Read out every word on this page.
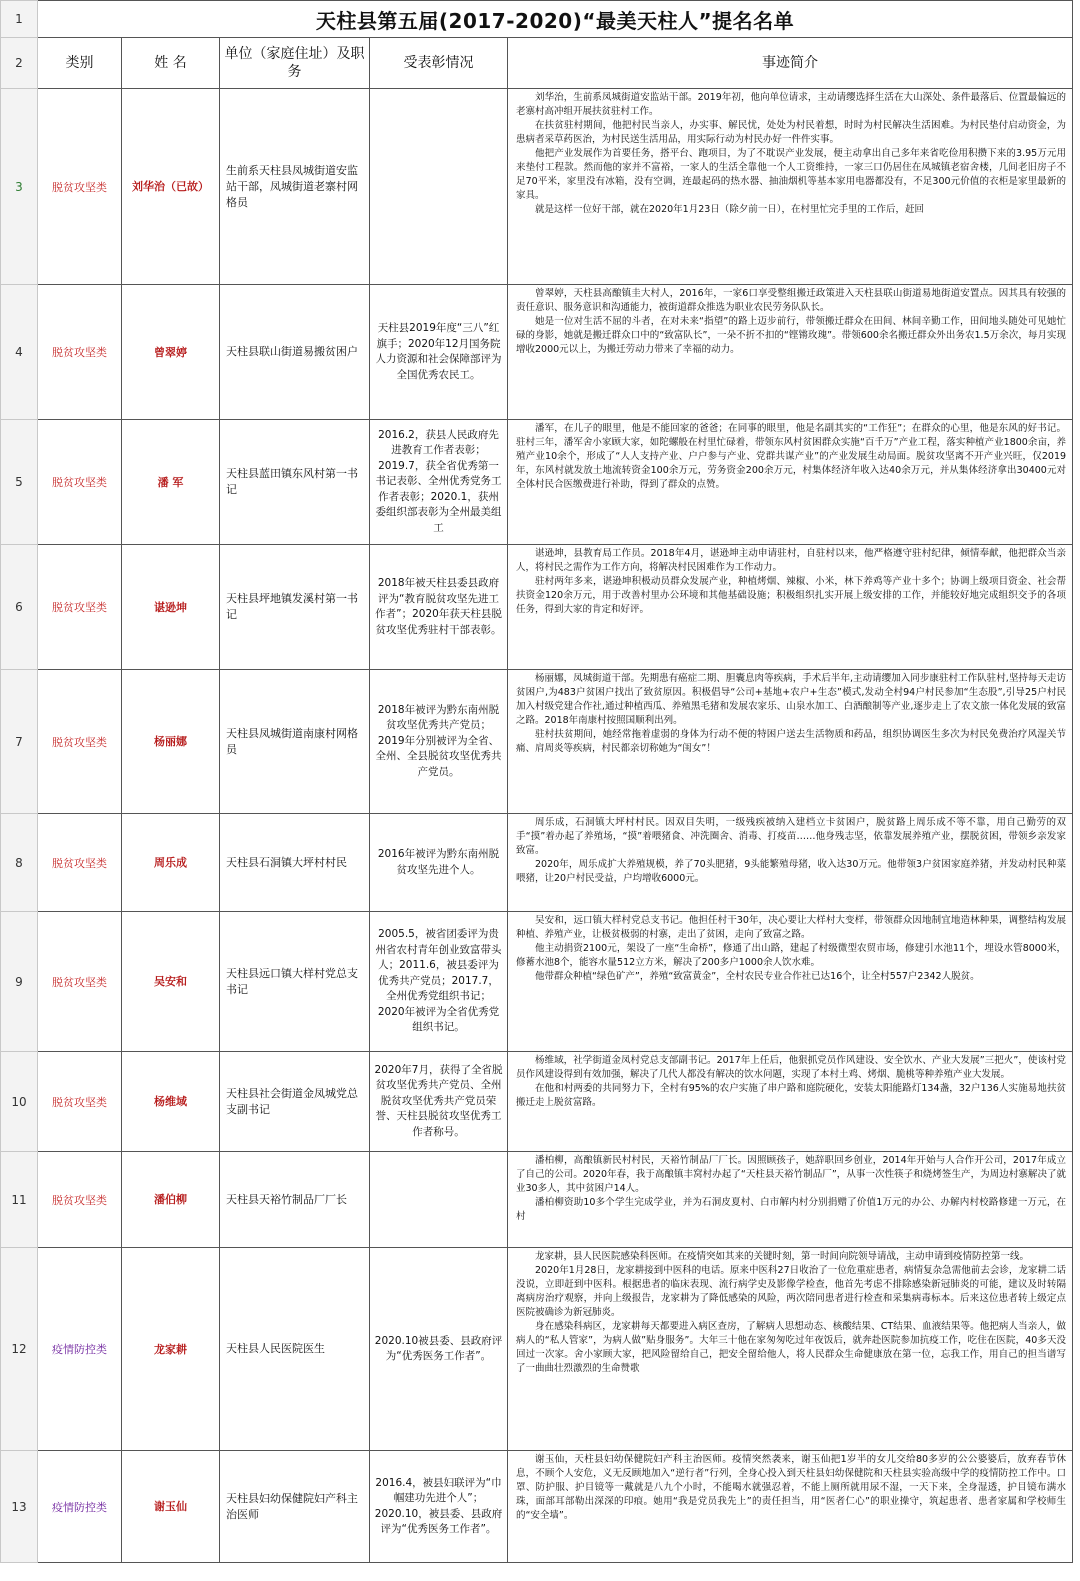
1	天柱县第五届(2017-2020)“最美天柱人”提名名单				
2	类别	姓 名	单位（家庭住址）及职务	受表彰情况	事迹简介
3	脱贫攻坚类	刘华治（已故）	生前系天柱县凤城街道安监站干部，凤城街道老寨村网格员		刘华治，生前系凤城街道安监站干部。2019年初，他向单位请求，主动请缨选择生活在大山深处、条件最落后、位置最偏远的老寨村高冲组开展扶贫驻村工作。

在扶贫驻村期间，他把村民当亲人，办实事、解民忧，处处为村民着想，时时为村民解决生活困难。为村民垫付启动资金，为患病者采草药医治，为村民送生活用品，用实际行动为村民办好一件件实事。

他把产业发展作为首要任务，搭平台、跑项目，为了不耽误产业发展，便主动拿出自己多年来省吃俭用积攒下来的3.95万元用来垫付工程款。然而他的家并不富裕，一家人的生活全靠他一个人工资维持，一家三口仍居住在凤城镇老宿舍楼，几间老旧房子不足70平米，家里没有冰箱，没有空调，连最起码的热水器、抽油烟机等基本家用电器都没有，不足300元价值的衣柜是家里最新的家具。

就是这样一位好干部，就在2020年1月23日（除夕前一日），在村里忙完手里的工作后，赶回

4	脱贫攻坚类	曾翠婷	天柱县联山街道易搬贫困户	天柱县2019年度“三八”红旗手；2020年12月国务院人力资源和社会保障部评为全国优秀农民工。	曾翠婷，天柱县高酿镇圭大村人，2016年，一家6口享受整组搬迁政策进入天柱县联山街道易地街道安置点。因其具有较强的责任意识、服务意识和沟通能力，被街道群众推选为职业农民劳务队队长。

她是一位对生活不屈的斗者，在对未来“指望”的路上迈步前行，带领搬迁群众在田间、林间辛勤工作，田间地头随处可见她忙碌的身影，她就是搬迁群众口中的“致富队长”，一朵不折不扣的“铿锵玫瑰”。带领600余名搬迁群众外出务农1.5万余次，每月实现增收2000元以上，为搬迁劳动力带来了幸福的动力。

5	脱贫攻坚类	潘 军	天柱县蓝田镇东风村第一书记	2016.2，获县人民政府先进教育工作者表彰；2019.7，获全省优秀第一书记表彰、全州优秀党务工作者表彰；2020.1，获州委组织部表彰为全州最美组工	潘军，在儿子的眼里，他是不能回家的爸爸；在同事的眼里，他是名副其实的“工作狂”；在群众的心里，他是东风的好书记。驻村三年，潘军舍小家顾大家，如陀螺般在村里忙碌着，带领东风村贫困群众实施“百千万”产业工程，落实种植产业1800余亩，养殖产业10余个，形成了“人人支持产业、户户参与产业、党群共谋产业”的产业发展生动局面。脱贫攻坚离不开产业兴旺，仅2019年，东风村就发放土地流转资金100余万元，劳务资金200余万元，村集体经济年收入达40余万元，并从集体经济拿出30400元对全体村民合医缴费进行补助，得到了群众的点赞。

6	脱贫攻坚类	谌逊坤	天柱县坪地镇发溪村第一书记	2018年被天柱县委县政府评为“教育脱贫攻坚先进工作者”；2020年获天柱县脱贫攻坚优秀驻村干部表彰。	谌逊坤，县教育局工作员。2018年4月，谌逊坤主动申请驻村，自驻村以来，他严格遵守驻村纪律，倾情奉献，他把群众当亲人，将村民之需作为工作方向，将解决村民困难作为工作动力。

驻村两年多来，谌逊坤积极动员群众发展产业，种植烤烟、辣椒、小米，林下养鸡等产业十多个；协调上级项目资金、社会帮扶资金120余万元，用于改善村里办公环境和其他基础设施；积极组织扎实开展上级安排的工作，并能较好地完成组织交予的各项任务，得到大家的肯定和好评。

7	脱贫攻坚类	杨丽娜	天柱县凤城街道南康村网格员	2018年被评为黔东南州脱贫攻坚优秀共产党员；2019年分别被评为全省、全州、全县脱贫攻坚优秀共产党员。	杨丽娜，凤城街道干部。先期患有癌症二期、胆囊息肉等疾病，手术后半年,主动请缨加入同步康驻村工作队驻村,坚持每天走访贫困户,为483户贫困户找出了致贫原因。积极倡导“公司+基地+农户+生态”模式,发动全村94户村民参加“生态股”,引导25户村民加入村级党建合作社,通过种植西瓜、养殖黑毛猪和发展农家乐、山泉水加工、白酒酿制等产业,逐步走上了农文旅一体化发展的致富之路。2018年南康村按照国顺利出列。

驻村扶贫期间，她经常拖着虚弱的身体为行动不便的特困户送去生活物质和药品，组织协调医生多次为村民免费治疗风湿关节痛、肩周炎等疾病，村民都亲切称她为“闺女”！

8	脱贫攻坚类	周乐成	天柱县石洞镇大坪村村民	2016年被评为黔东南州脱贫攻坚先进个人。	周乐成，石洞镇大坪村村民。因双目失明，一级残疾被纳入建档立卡贫困户，脱贫路上周乐成不等不靠，用自己勤劳的双手“摸”着办起了养殖场，“摸”着喂猪食、冲洗圈舍、消毒、打疫苗……他身残志坚，依靠发展养殖产业，摆脱贫困，带领乡亲发家致富。

2020年，周乐成扩大养殖规模，养了70头肥猪，9头能繁殖母猪，收入达30万元。他带领3户贫困家庭养猪，并发动村民种菜喂猪，让20户村民受益，户均增收6000元。

9	脱贫攻坚类	吴安和	天柱县远口镇大样村党总支书记	2005.5，被省团委评为贵州省农村青年创业致富带头人；2011.6，被县委评为优秀共产党员；2017.7，全州优秀党组织书记；2020年被评为全省优秀党组织书记。	吴安和，远口镇大样村党总支书记。他担任村干30年，决心要让大样村大变样，带领群众因地制宜地造林种果，调整结构发展种植、养殖产业，让极贫极弱的村寨，走出了贫困，走向了致富之路。

他主动捐资2100元，架设了一座“生命桥”，修通了出山路，建起了村级微型农贸市场，修建引水池11个，埋设水管8000米，修蓄水池8个，能容水量512立方米，解决了200多户1000余人饮水难。

他带群众种植“绿色矿产”，养殖“致富黄金”，全村农民专业合作社已达16个，让全村557户2342人脱贫。

10	脱贫攻坚类	杨维域	天柱县社会街道金凤城党总支副书记	2020年7月，获得了全省脱贫攻坚优秀共产党员、全州脱贫攻坚优秀共产党员荣誉、天柱县脱贫攻坚优秀工作者称号。	杨维域，社学街道金凤村党总支部副书记。2017年上任后，他狠抓党员作风建设、安全饮水、产业大发展”三把火”，使该村党员作风建设得到有效加强，解决了几代人都没有解决的饮水问题，实现了本村土鸡、烤烟、脆桃等种养殖产业大发展。

在他和村两委的共同努力下，全村有95%的农户实施了串户路和庭院硬化，安装太阳能路灯134盏，32户136人实施易地扶贫搬迁走上脱贫富路。

11	脱贫攻坚类	潘伯柳	天柱县天裕竹制品厂厂长		潘柏柳，高酿镇新民村村民，天裕竹制品厂厂长。因照顾孩子，她辞职回乡创业，2014年开始与人合作开公司，2017年成立了自己的公司。2020年春，我于高酿镇丰窝村办起了“天柱县天裕竹制品厂”，从事一次性筷子和烧烤签生产，为周边村寨解决了就业30多人，其中贫困户14人。

潘柏柳资助10多个学生完成学业，并为石洞皮夏村、白市解内村分别捐赠了价值1万元的办公、办解内村校路修建一万元，在村

12	疫情防控类	龙家耕	天柱县人民医院医生	2020.10被县委、县政府评为“优秀医务工作者”。	龙家耕，县人民医院感染科医师。在疫情突如其来的关键时刻，第一时间向院领导请战，主动申请到疫情防控第一线。

2020年1月28日，龙家耕接到中医科的电话。原来中医科27日收治了一位危重症患者，病情复杂急需他前去会诊，龙家耕二话没说，立即赶到中医科。根据患者的临床表现、流行病学史及影像学检查，他首先考虑不排除感染新冠肺炎的可能，建议及时转隔离病房治疗观察，并向上级报告，龙家耕为了降低感染的风险，两次陪同患者进行检查和采集病毒标本。后来这位患者转上级定点医院被确诊为新冠肺炎。

身在感染科病区，龙家耕每天都要进入病区查房，了解病人思想动态、核酸结果、CT结果、血液结果等。他把病人当亲人，做病人的“私人管家”，为病人做”贴身服务”。大年三十他在家匆匆吃过年夜饭后，就奔赴医院参加抗疫工作，吃住在医院，40多天没回过一次家。舍小家顾大家，把风险留给自己，把安全留给他人，将人民群众生命健康放在第一位，忘我工作，用自己的担当谱写了一曲曲壮烈激烈的生命赞歌

13	疫情防控类	谢玉仙	天柱县妇幼保健院妇产科主治医师	2016.4，被县妇联评为“巾帼建功先进个人”；2020.10，被县委、县政府评为“优秀医务工作者”。	谢玉仙，天柱县妇幼保健院妇产科主治医师。疫情突然袭来，谢玉仙把1岁半的女儿交给80多岁的公公婆婆后，放弃春节休息，不顾个人安危，义无反顾地加入“逆行者”行列，全身心投入到天柱县妇幼保健院和天柱县实验高级中学的疫情防控工作中。口罩、防护服、护目镜等一戴就是八九个小时，不能喝水就强忍着，不能上厕所就用尿不湿，一天下来，全身湿透，护目镜布满水珠，面部耳部勒出深深的印痕。她用“我是党员我先上”的责任担当，用“医者仁心”的职业操守，筑起患者、患者家属和学校师生的“安全墙”。
